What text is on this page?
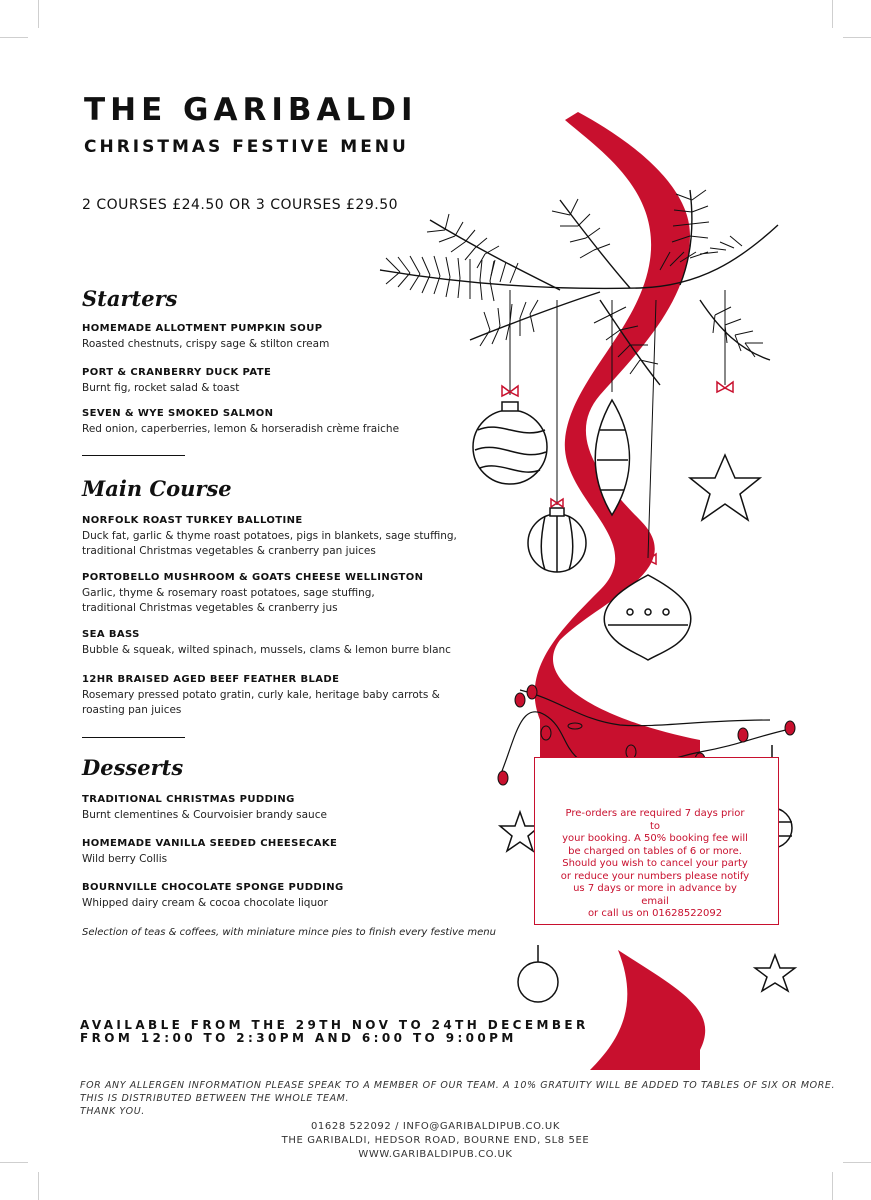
THE GARIBALDI
CHRISTMAS FESTIVE MENU
2 COURSES £24.50 OR 3 COURSES £29.50
Starters
HOMEMADE ALLOTMENT PUMPKIN SOUP
Roasted chestnuts, crispy sage & stilton cream
PORT & CRANBERRY DUCK PATE
Burnt fig, rocket salad & toast
SEVEN & WYE SMOKED SALMON
Red onion, caperberries, lemon & horseradish crème fraiche
Main Course
NORFOLK ROAST TURKEY BALLOTINE
Duck fat, garlic & thyme roast potatoes, pigs in blankets, sage stuffing,
traditional Christmas vegetables & cranberry pan juices
PORTOBELLO MUSHROOM & GOATS CHEESE WELLINGTON
Garlic, thyme & rosemary roast potatoes, sage stuffing,
traditional Christmas vegetables & cranberry jus
SEA BASS
Bubble & squeak, wilted spinach, mussels, clams & lemon burre blanc
12HR BRAISED AGED BEEF FEATHER BLADE
Rosemary pressed potato gratin, curly kale, heritage baby carrots &
roasting pan juices
Desserts
TRADITIONAL CHRISTMAS PUDDING
Burnt clementines & Courvoisier brandy sauce
HOMEMADE VANILLA SEEDED CHEESECAKE
Wild berry Collis
BOURNVILLE CHOCOLATE SPONGE PUDDING
Whipped dairy cream & cocoa chocolate liquor
Selection of teas & coffees, with miniature mince pies to finish every festive menu
Pre-orders are required 7 days prior to
your booking. A 50% booking fee will
be charged on tables of 6 or more.
Should you wish to cancel your party
or reduce your numbers please notify
us 7 days or more in advance by email
or call us on 01628522092
AVAILABLE FROM THE 29TH NOV TO 24TH DECEMBER
FROM 12:00 TO 2:30PM AND 6:00 TO 9:00PM
FOR ANY ALLERGEN INFORMATION PLEASE SPEAK TO A MEMBER OF OUR TEAM. A 10% GRATUITY WILL BE ADDED TO TABLES OF SIX OR MORE.
THIS IS DISTRIBUTED BETWEEN THE WHOLE TEAM.
THANK YOU.
01628 522092 / INFO@GARIBALDIPUB.CO.UK
THE GARIBALDI, HEDSOR ROAD, BOURNE END, SL8 5EE
WWW.GARIBALDIPUB.CO.UK
